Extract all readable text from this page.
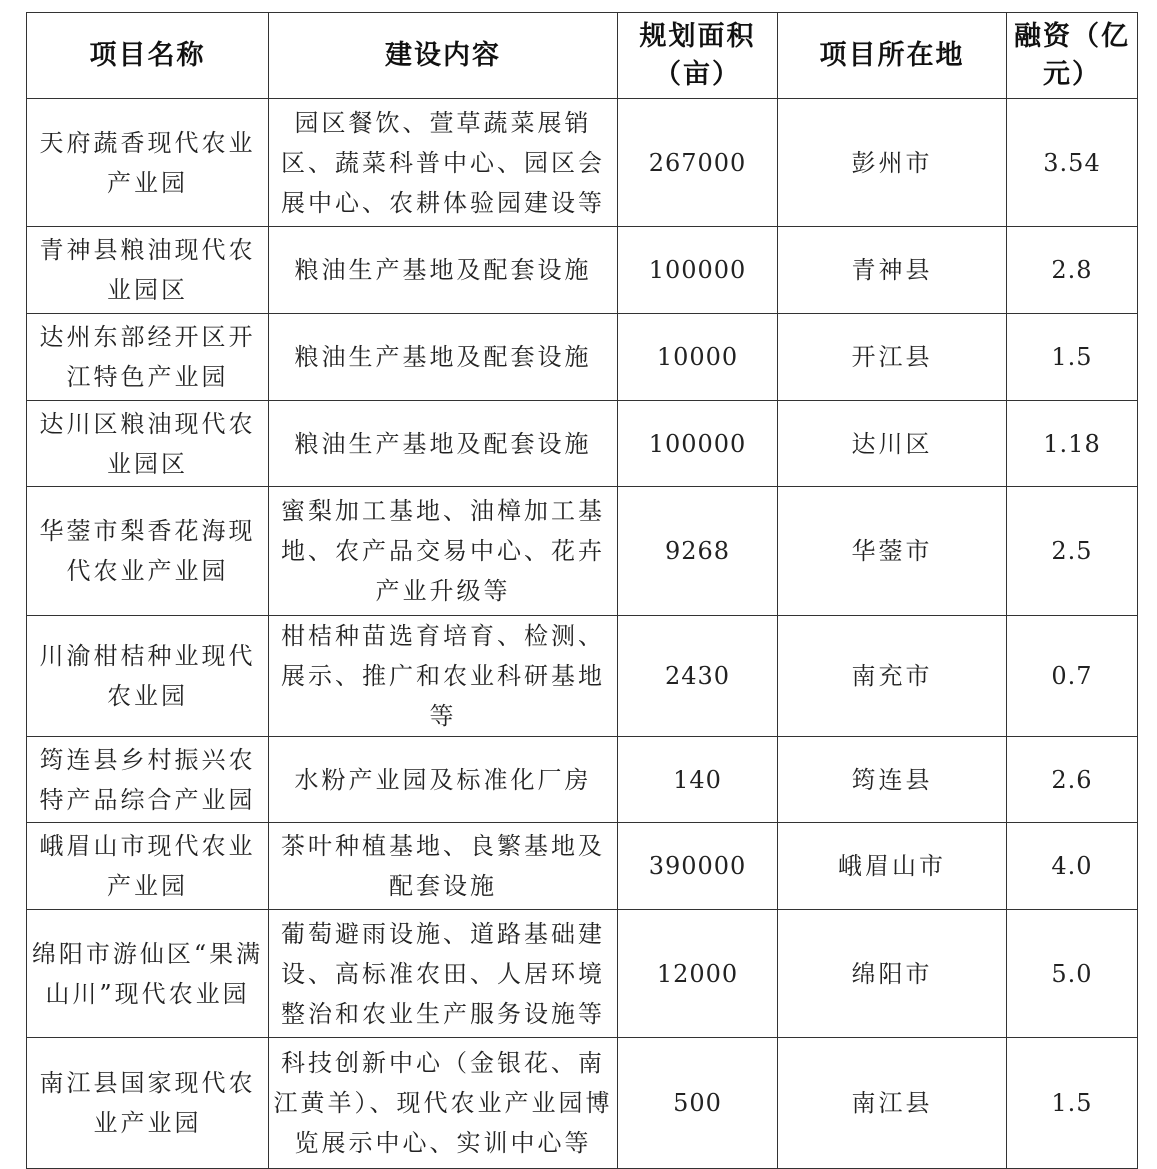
项目名称	建设内容	规划面积（亩）	项目所在地	融资（亿元）
天府蔬香现代农业产业园	园区餐饮、萱草蔬菜展销区、蔬菜科普中心、园区会展中心、农耕体验园建设等	267000	彭州市	3.54
青神县粮油现代农业园区	粮油生产基地及配套设施	100000	青神县	2.8
达州东部经开区开江特色产业园	粮油生产基地及配套设施	10000	开江县	1.5
达川区粮油现代农业园区	粮油生产基地及配套设施	100000	达川区	1.18
华蓥市梨香花海现代农业产业园	蜜梨加工基地、油樟加工基地、农产品交易中心、花卉产业升级等	9268	华蓥市	2.5
川渝柑桔种业现代农业园	柑桔种苗选育培育、检测、展示、推广和农业科研基地等	2430	南充市	0.7
筠连县乡村振兴农特产品综合产业园	水粉产业园及标准化厂房	140	筠连县	2.6
峨眉山市现代农业产业园	茶叶种植基地、良繁基地及配套设施	390000	峨眉山市	4.0
绵阳市游仙区“果满山川”现代农业园	葡萄避雨设施、道路基础建设、高标准农田、人居环境整治和农业生产服务设施等	12000	绵阳市	5.0
南江县国家现代农业产业园	科技创新中心（金银花、南江黄羊）、现代农业产业园博览展示中心、实训中心等	500	南江县	1.5
